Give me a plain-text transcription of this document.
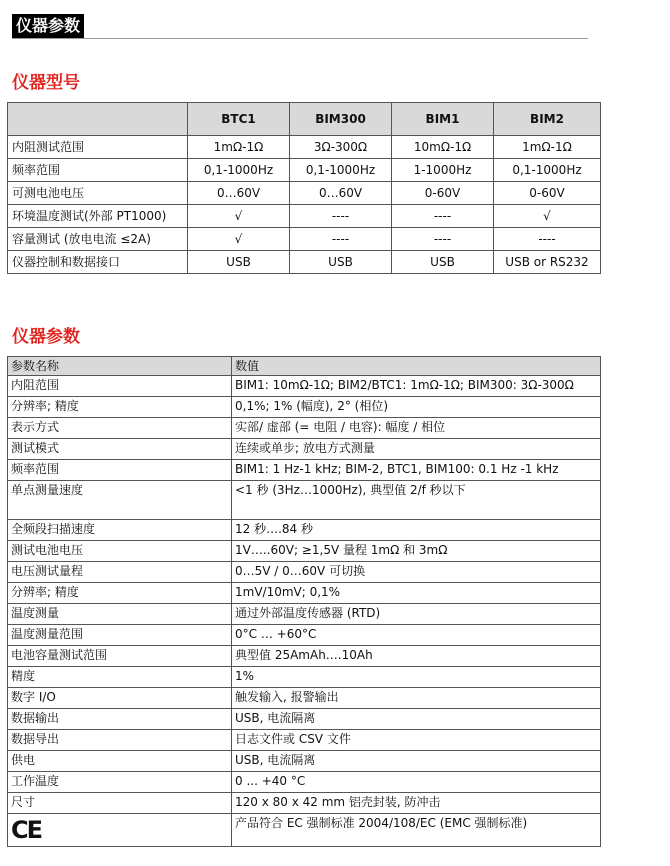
仪器参数
仪器型号
	BTC1	BIM300	BIM1	BIM2
内阻测试范围	1mΩ-1Ω	3Ω-300Ω	10mΩ-1Ω	1mΩ-1Ω
频率范围	0,1-1000Hz	0,1-1000Hz	1-1000Hz	0,1-1000Hz
可测电池电压	0…60V	0…60V	0-60V	0-60V
环境温度测试(外部 PT1000)	√	----	----	√
容量测试 (放电电流 ≤2A)	√	----	----	----
仪器控制和数据接口	USB	USB	USB	USB or RS232
仪器参数
参数名称	数值
内阻范围	BIM1: 10mΩ-1Ω; BIM2/BTC1: 1mΩ-1Ω; BIM300: 3Ω-300Ω
分辨率; 精度	0,1%; 1% (幅度), 2° (相位)
表示方式	实部/ 虚部 (= 电阻 / 电容): 幅度 / 相位
测试模式	连续或单步; 放电方式测量
频率范围	BIM1: 1 Hz-1 kHz; BIM-2, BTC1, BIM100: 0.1 Hz -1 kHz
单点测量速度	<1 秒 (3Hz…1000Hz), 典型值 2/f 秒以下
全频段扫描速度	12 秒….84 秒
测试电池电压	1V…..60V; ≥1,5V 量程 1mΩ 和 3mΩ
电压测试量程	0…5V / 0…60V 可切换
分辨率; 精度	1mV/10mV; 0,1%
温度测量	通过外部温度传感器 (RTD)
温度测量范围	0°C … +60°C
电池容量测试范围	典型值 25AmAh….10Ah
精度	1%
数字 I/O	触发输入, 报警输出
数据输出	USB, 电流隔离
数据导出	日志文件或 CSV 文件
供电	USB, 电流隔离
工作温度	0 ... +40 °C
尺寸	120 x 80 x 42 mm 铝壳封装, 防冲击
CE	产品符合 EC 强制标准 2004/108/EC (EMC 强制标准)
